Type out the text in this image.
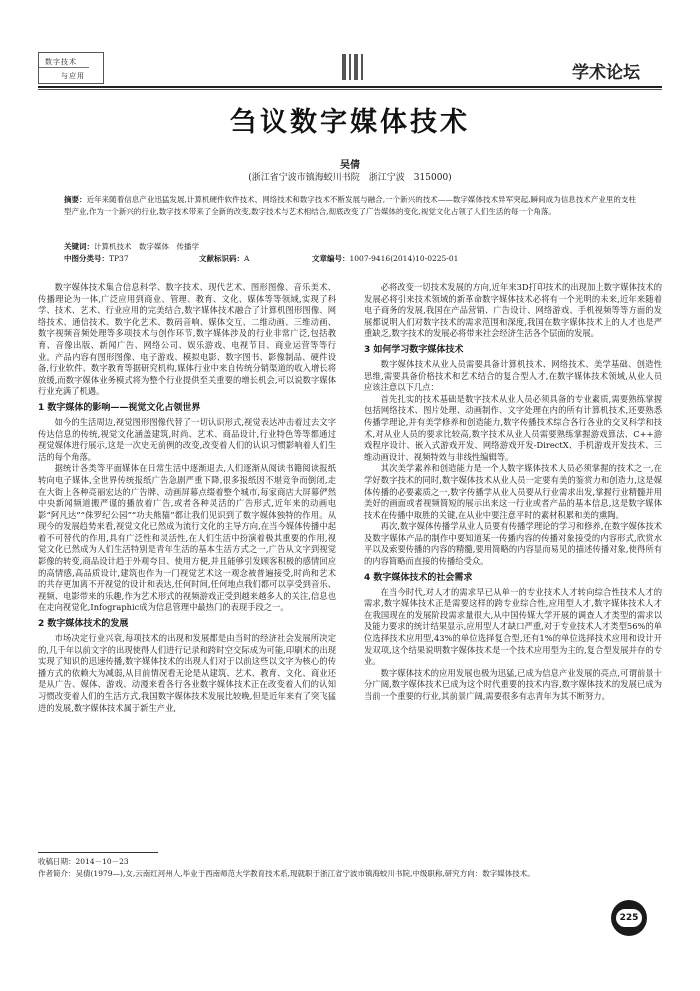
数字技术
与应用	学术论坛
刍议数字媒体技术
吴倩
(浙江省宁波市镇海蛟川书院　浙江宁波　315000)
摘要：近年来随着信息产业迅猛发展,计算机硬件软件技术、网络技术和数字技术不断发展与融合,一个新兴的技术——数字媒体技术异军突起,瞬间成为信息技术产业里的支柱型产业,作为一个新兴的行业,数字技术带来了全新的改变,数字技术与艺术相结合,彻底改变了广告媒体的变化,视觉文化占领了人们生活的每一个角落。
关键词：计算机技术　数字媒体　传播学
中图分类号：TP37	文献标识码：A	文章编号：1007-9416(2014)10-0225-01

数字媒体技术集合信息科学、数字技术、现代艺术、图形图像、音乐美术、传播理论为一体,广泛应用到商业、管理、教育、文化、媒体等等领域,实现了科学、技术、艺术、行业应用的完美结合,数字媒体技术融合了计算机图形图像、网络技术、通信技术、数字化艺术、数码音响、媒体交互、二维动画、三维动画、数字视频音频处理等多项技术与创作环节,数字媒体涉及的行业非常广泛,包括教育、音像出版、新闻广告、网络公司、娱乐游戏、电视节目、商业运营等等行业。产品内容有图形图像、电子游戏、模拟电影、数字图书、影像制品、硬件设备,行业软件、数字教育等据研究机构,媒体行业中来自传统分销渠道的收入增长将放缓,而数字媒体业务模式将为整个行业提供至关重要的增长机会,可以说数字媒体行业充满了机遇。

1 数字媒体的影响——视觉文化占领世界

如今的生活周边,视觉图形图像代替了一切认识形式,视觉表达冲击着过去文字传达信息的传统,视觉文化涵盖建筑,时尚、艺术、商品设计,行业特色等等都通过视觉媒体进行展示,这是一次史无前例的改变,改变着人们的认识习惯影响着人们生活的每个角落。

据统计各类等平面媒体在日常生活中逐渐退去,人们逐渐从阅读书籍阅读报纸转向电子媒体,全世界传统报纸广告急剧严重下降,很多报纸因不堪竞争而倒闭,走在大街上各种亮丽宏达的广告牌、动画屏幕点缀着整个城市,每家商店大屏幕俨然中央新闻频道搬严谨的播放着广告,或者各种灵活的广告形式,近年来的动画电影“阿凡达”“侏罗纪公园”“功夫熊猫”都让我们见识到了数字媒体独特的作用。从现今的发展趋势来看,视觉文化已然成为流行文化的主导方向,在当今媒体传播中起着不可替代的作用,具有广泛性和灵活性,在人们生活中扮演着极其重要的作用,视觉文化已然成为人们生活特别是青年生活的基本生活方式之一,广告从文字到视觉影像的转变,商品设计趋于外观夸目、使用方便,并且能够引发顾客积极的感情回应的高情感,高品质设计,建筑也作为一门视觉艺术这一观念被普遍接受,时尚和艺术的共存更加离不开视觉的设计和表达,任何时间,任何地点我们都可以享受到音乐、视频、电影带来的乐趣,作为艺术形式的视频游戏正受到越来越多人的关注,信息也在走向视觉化,Infographic成为信息管理中最热门的表现手段之一。

2 数字媒体技术的发展

市场决定行业兴衰,每项技术的出现和发展都是由当时的经济社会发展所决定的,几千年以前文字的出现使得人们进行记录和跨时空交际成为可能,印刷术的出现实现了知识的迅速传播,数字媒体技术的出现人们对于以前这些以文字为核心的传播方式的依赖大为减弱,从目前情况看无论是从建筑、艺术、教育、文化、商业还是从广告、媒体、游戏、动漫来看各行各业数字媒体技术正在改变着人们的认知习惯改变着人们的生活方式,我国数字媒体技术发展比较晚,但是近年来有了突飞猛进的发展,数字媒体技术属于新生产业,

必将改变一切技术发展的方向,近年来3D打印技术的出现加上数字媒体技术的发展必将引来技术领域的新革命数字媒体技术必将有一个光明的未来,近年来随着电子商务的发展,我国在产品营销、广告设计、网络游戏、手机视频等等方面的发展都说明人们对数字技术的需求范围和深度,我国在数字媒体技术上的人才也是严重缺乏,数字技术的发展必将带来社会经济生活各个层面的发展。

3 如何学习数字媒体技术

数字媒体技术从业人员需要具备计算机技术、网络技术、美学基础、创造性思维,需要具备价格技术和艺术结合的复合型人才,在数字媒体技术领域,从业人员应该注意以下几点：

首先扎实的技术基础是数字技术从业人员必须具备的专业素质,需要熟练掌握包括网络技术、图片处理、动画制作、文字处理在内的所有计算机技术,还要熟悉传播学理论,并有美学修养和创造能力,数字传播技术综合各行各业的交叉科学和技术,对从业人员的要求比较高,数字技术从业人员需要熟练掌握游戏算法、C++游戏程序设计、嵌入式游戏开发、网络游戏开发-DirectX、手机游戏开发技术、三维动画设计、视频特效与非线性编辑等。

其次美学素养和创造能力是一个人数字媒体技术人员必须掌握的技术之一,在学好数字技术的同时,数字媒体技术从业人员一定要有美的鉴赏力和创造力,这是媒体传播的必要素质之一,数字传播学从业人员要从行业需求出发,掌握行业精髓并用美好的画面或者视频简短的展示出来这一行业或者产品的基本信息,这是数字媒体技术在传播中取胜的关键,在从业中要注意平时的素材积累和美的熏陶。

再次,数字媒体传播学从业人员要有传播学理论的学习和修养,在数字媒体技术及数字媒体产品的制作中要知道某一传播内容的传播对象接受的内容形式,欣赏水平以及索要传播的内容的精髓,要用简略的内容显而易见的描述传播对象,使得所有的内容简略而直接的传播给受众。

4 数字媒体技术的社会需求

在当今时代,对人才的需求早已从单一的专业技术人才转向综合性技术人才的需求,数字媒体技术正是需要这样的跨专业综合性,应用型人才,数字媒体技术人才在我国现在的发展阶段需求量很大,从中国传媒大学开展的调查人才类型的需求以及能力要求的统计结果显示,应用型人才缺口严重,对于专业技术人才类型56%的单位选择技术应用型,43%的单位选择复合型,还有1%的单位选择技术应用和设计开发双项,这个结果说明数字媒体技术是一个技术应用型为主的,复合型发展并存的专业。

数字媒体技术的应用发展也极为迅猛,已成为信息产业发展的亮点,可谓前景十分广阔,数字媒体技术已成为这个时代重要的技术内容,数字媒体技术的发展已成为当前一个重要的行业,其前景广阔,需要很多有志青年为其不断努力。

收稿日期：2014－10－23
作者简介：吴倩(1979—),女,云南红河州人,毕业于西南师范大学教育技术系,现就职于浙江省宁波市镇海蛟川书院,中级职称,研究方向：数字媒体技术。
225
